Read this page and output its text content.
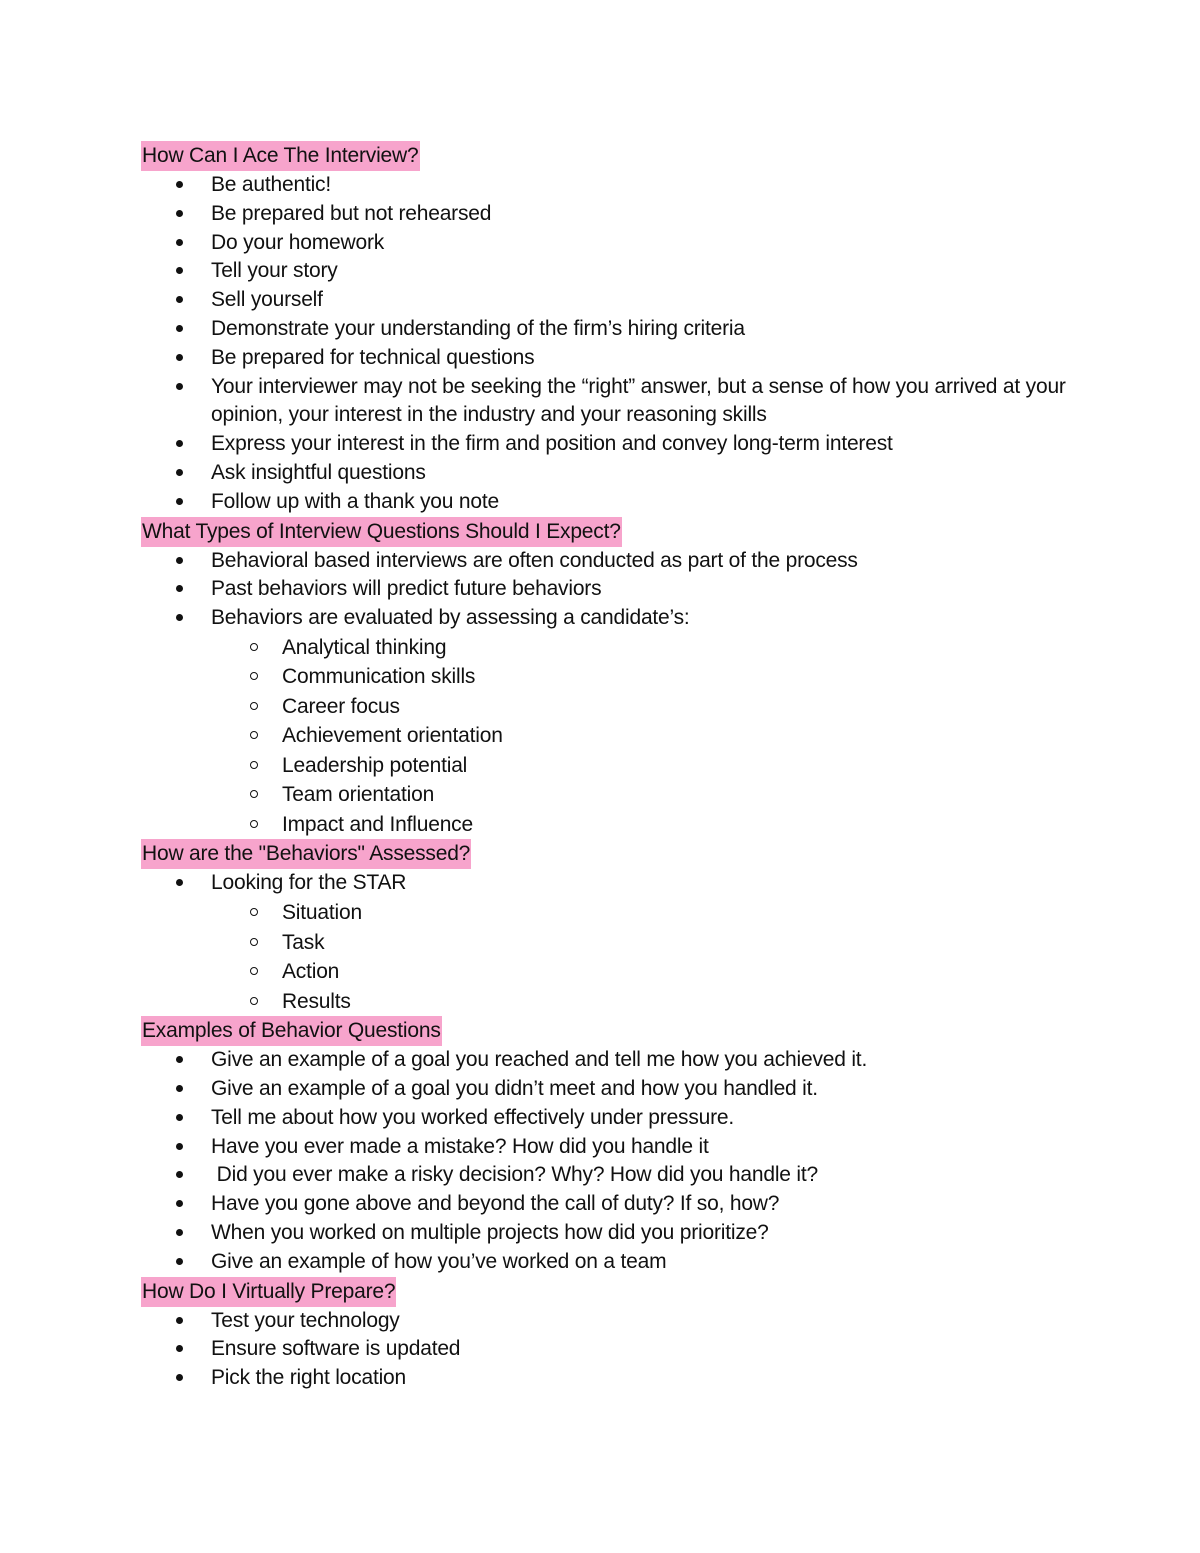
How Can I Ace The Interview?
Be authentic!
Be prepared but not rehearsed
Do your homework
Tell your story
Sell yourself
Demonstrate your understanding of the firm’s hiring criteria
Be prepared for technical questions
Your interviewer may not be seeking the “right” answer, but a sense of how you arrived at your opinion, your interest in the industry and your reasoning skills
Express your interest in the firm and position and convey long-term interest
Ask insightful questions
Follow up with a thank you note
What Types of Interview Questions Should I Expect?
Behavioral based interviews are often conducted as part of the process
Past behaviors will predict future behaviors
Behaviors are evaluated by assessing a candidate’s:
Analytical thinking
Communication skills
Career focus
Achievement orientation
Leadership potential
Team orientation
Impact and Influence
How are the "Behaviors" Assessed?
Looking for the STAR
Situation
Task
Action
Results
Examples of Behavior Questions
Give an example of a goal you reached and tell me how you achieved it.
Give an example of a goal you didn’t meet and how you handled it.
Tell me about how you worked effectively under pressure.
Have you ever made a mistake? How did you handle it
Did you ever make a risky decision? Why? How did you handle it?
Have you gone above and beyond the call of duty? If so, how?
When you worked on multiple projects how did you prioritize?
Give an example of how you’ve worked on a team
How Do I Virtually Prepare?
Test your technology
Ensure software is updated
Pick the right location
